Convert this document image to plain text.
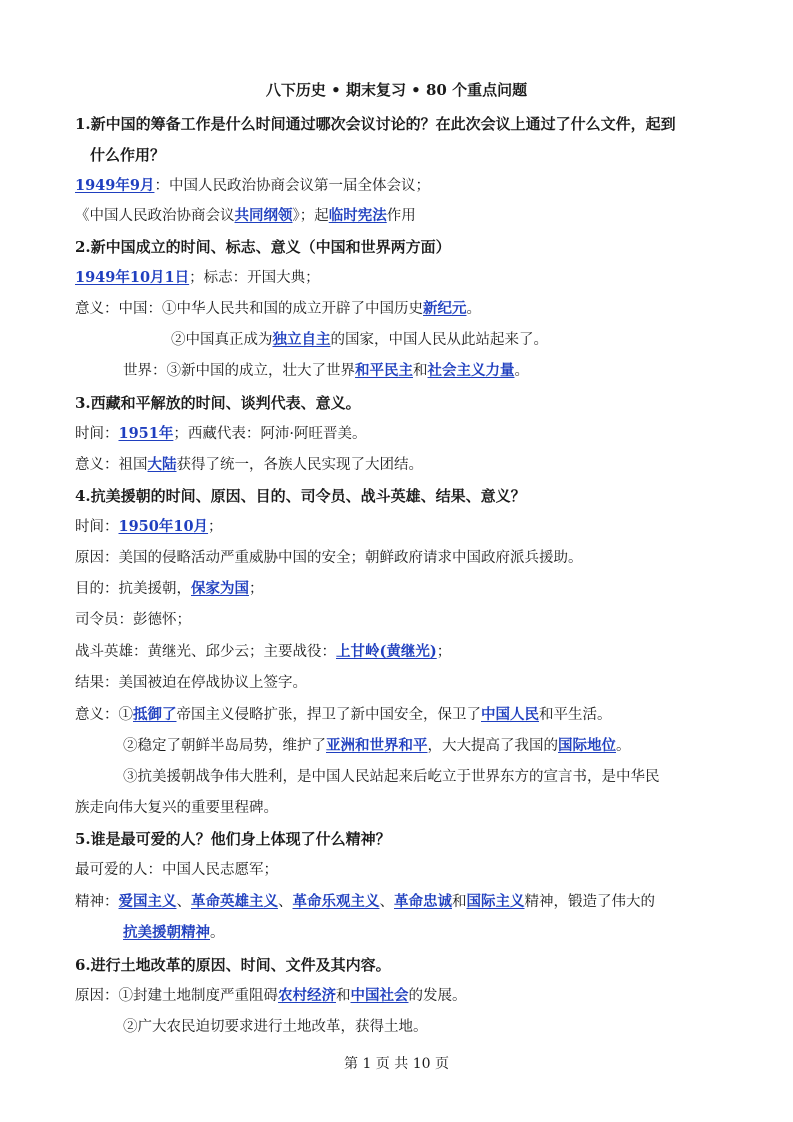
八下历史 • 期末复习 • 80 个重点问题
1.新中国的筹备工作是什么时间通过哪次会议讨论的？在此次会议上通过了什么文件，起到
什么作用？
1949年9月：中国人民政治协商会议第一届全体会议；
《中国人民政治协商会议共同纲领》；起临时宪法作用
2.新中国成立的时间、标志、意义（中国和世界两方面）
1949年10月1日；标志：开国大典；
意义：中国：①中华人民共和国的成立开辟了中国历史新纪元。
②中国真正成为独立自主的国家，中国人民从此站起来了。
世界：③新中国的成立，壮大了世界和平民主和社会主义力量。
3.西藏和平解放的时间、谈判代表、意义。
时间：1951年；西藏代表：阿沛·阿旺晋美。
意义：祖国大陆获得了统一，各族人民实现了大团结。
4.抗美援朝的时间、原因、目的、司令员、战斗英雄、结果、意义？
时间：1950年10月；
原因：美国的侵略活动严重威胁中国的安全；朝鲜政府请求中国政府派兵援助。
目的：抗美援朝，保家为国；
司令员：彭德怀；
战斗英雄：黄继光、邱少云；主要战役：上甘岭(黄继光)；
结果：美国被迫在停战协议上签字。
意义：①抵御了帝国主义侵略扩张，捍卫了新中国安全，保卫了中国人民和平生活。
②稳定了朝鲜半岛局势，维护了亚洲和世界和平，大大提高了我国的国际地位。
③抗美援朝战争伟大胜利，是中国人民站起来后屹立于世界东方的宣言书，是中华民
族走向伟大复兴的重要里程碑。
5.谁是最可爱的人？他们身上体现了什么精神？
最可爱的人：中国人民志愿军；
精神：爱国主义、革命英雄主义、革命乐观主义、革命忠诚和国际主义精神，锻造了伟大的
抗美援朝精神。
6.进行土地改革的原因、时间、文件及其内容。
原因：①封建土地制度严重阻碍农村经济和中国社会的发展。
②广大农民迫切要求进行土地改革，获得土地。
第 1 页 共 10 页
